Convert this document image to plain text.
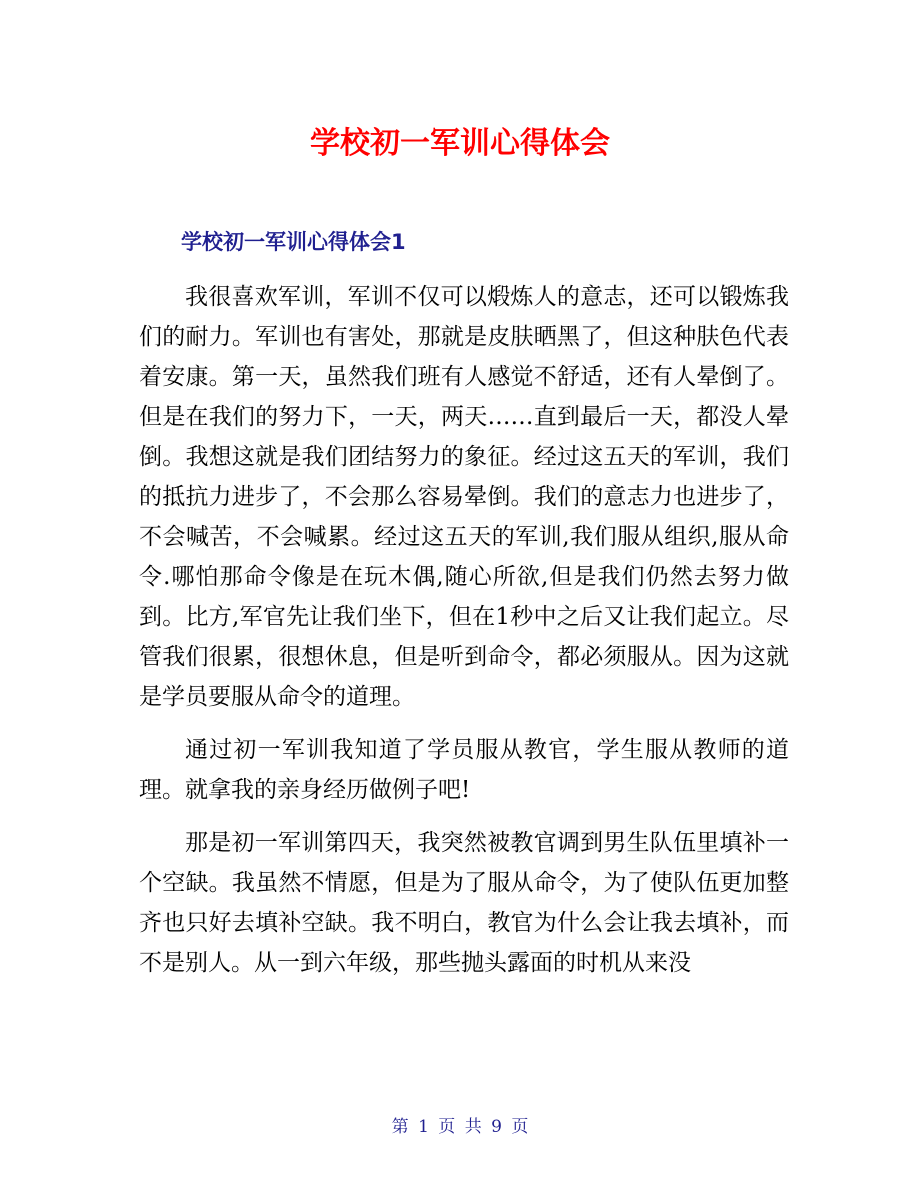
学校初一军训心得体会
学校初一军训心得体会1

我很喜欢军训，军训不仅可以煅炼人的意志，还可以锻炼我们的耐力。军训也有害处，那就是皮肤晒黑了，但这种肤色代表着安康。第一天，虽然我们班有人感觉不舒适，还有人晕倒了。但是在我们的努力下，一天，两天……直到最后一天，都没人晕倒。我想这就是我们团结努力的象征。经过这五天的军训，我们的抵抗力进步了，不会那么容易晕倒。我们的意志力也进步了，不会喊苦，不会喊累。经过这五天的军训,我们服从组织,服从命令.哪怕那命令像是在玩木偶,随心所欲,但是我们仍然去努力做到。比方,军官先让我们坐下，但在1秒中之后又让我们起立。尽管我们很累，很想休息，但是听到命令，都必须服从。因为这就是学员要服从命令的道理。

通过初一军训我知道了学员服从教官，学生服从教师的道理。就拿我的亲身经历做例子吧!

那是初一军训第四天，我突然被教官调到男生队伍里填补一个空缺。我虽然不情愿，但是为了服从命令，为了使队伍更加整齐也只好去填补空缺。我不明白，教官为什么会让我去填补，而不是别人。从一到六年级，那些抛头露面的时机从来没

第 1 页 共 9 页
